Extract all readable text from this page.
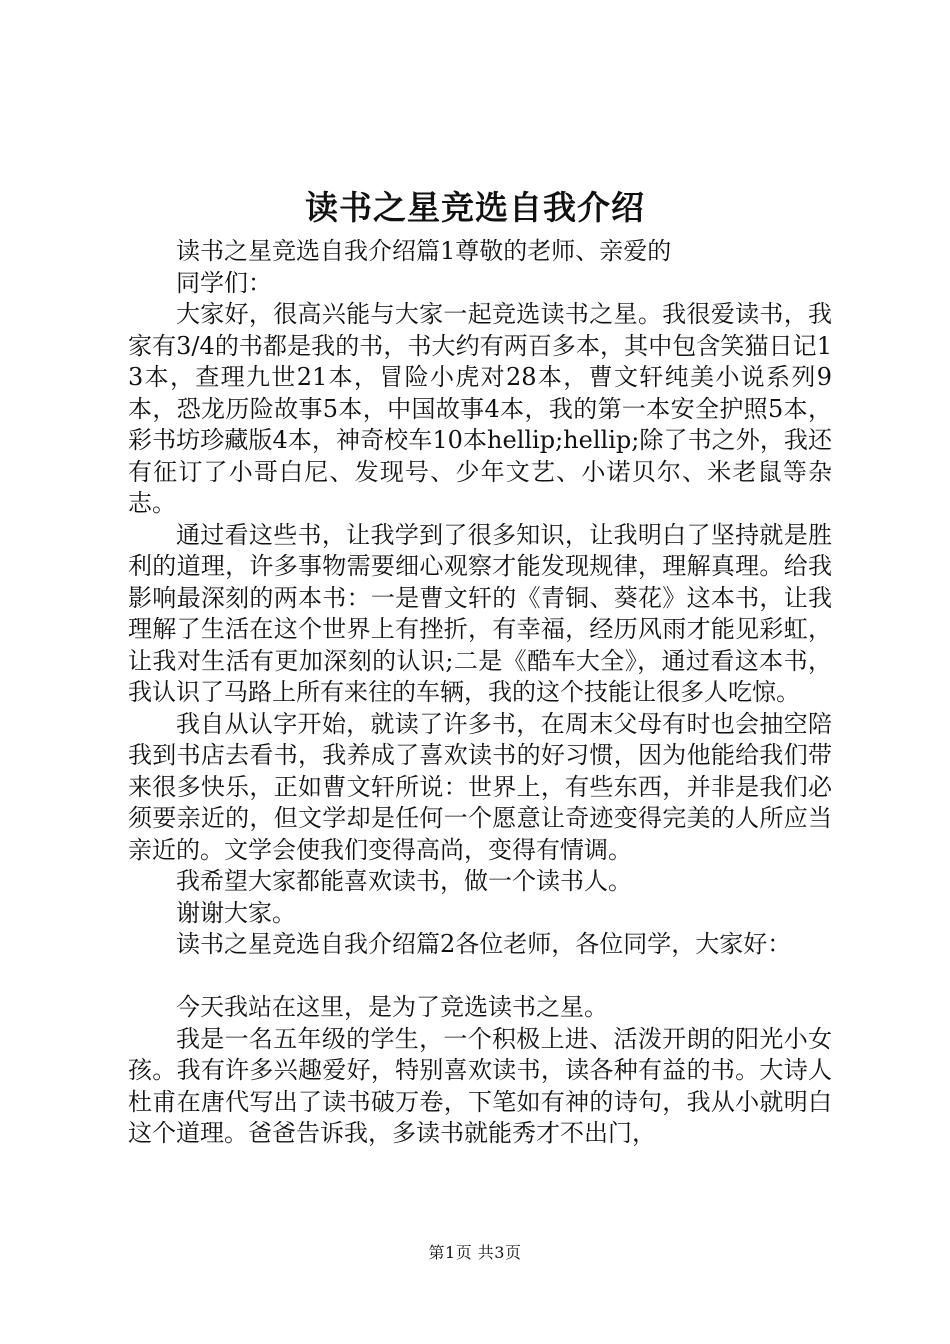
读书之星竞选自我介绍

读书之星竞选自我介绍篇1尊敬的老师、亲爱的

同学们：

大家好，很高兴能与大家一起竞选读书之星。我很爱读书，我家有3/4的书都是我的书，书大约有两百多本，其中包含笑猫日记13本，查理九世21本，冒险小虎对28本，曹文轩纯美小说系列9本，恐龙历险故事5本，中国故事4本，我的第一本安全护照5本，彩书坊珍藏版4本，神奇校车10本hellip;hellip;除了书之外，我还有征订了小哥白尼、发现号、少年文艺、小诺贝尔、米老鼠等杂志。

通过看这些书，让我学到了很多知识，让我明白了坚持就是胜利的道理，许多事物需要细心观察才能发现规律，理解真理。给我影响最深刻的两本书：一是曹文轩的《青铜、葵花》这本书，让我理解了生活在这个世界上有挫折，有幸福，经历风雨才能见彩虹，让我对生活有更加深刻的认识;二是《酷车大全》，通过看这本书，我认识了马路上所有来往的车辆，我的这个技能让很多人吃惊。

我自从认字开始，就读了许多书，在周末父母有时也会抽空陪我到书店去看书，我养成了喜欢读书的好习惯，因为他能给我们带来很多快乐，正如曹文轩所说：世界上，有些东西，并非是我们必须要亲近的，但文学却是任何一个愿意让奇迹变得完美的人所应当亲近的。文学会使我们变得高尚，变得有情调。

我希望大家都能喜欢读书，做一个读书人。

谢谢大家。

读书之星竞选自我介绍篇2各位老师，各位同学，大家好：

今天我站在这里，是为了竞选读书之星。

我是一名五年级的学生，一个积极上进、活泼开朗的阳光小女孩。我有许多兴趣爱好，特别喜欢读书，读各种有益的书。大诗人杜甫在唐代写出了读书破万卷，下笔如有神的诗句，我从小就明白这个道理。爸爸告诉我，多读书就能秀才不出门，

第1页 共3页
